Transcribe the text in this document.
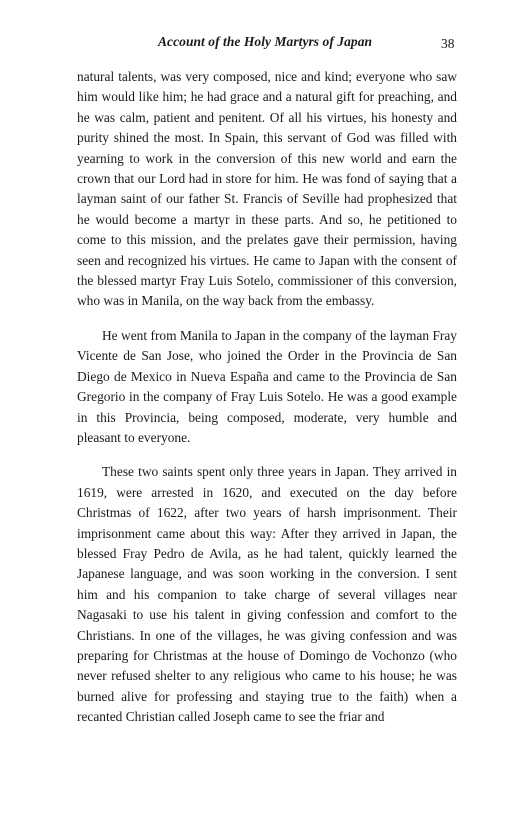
Account of the Holy Martyrs of Japan	38

natural talents, was very composed, nice and kind; everyone who saw him would like him; he had grace and a natural gift for preaching, and he was calm, patient and penitent. Of all his virtues, his honesty and purity shined the most. In Spain, this servant of God was filled with yearning to work in the conversion of this new world and earn the crown that our Lord had in store for him. He was fond of saying that a layman saint of our father St. Francis of Seville had prophesized that he would become a martyr in these parts. And so, he petitioned to come to this mission, and the prelates gave their permission, having seen and recognized his virtues. He came to Japan with the consent of the blessed martyr Fray Luis Sotelo, commissioner of this conversion, who was in Manila, on the way back from the embassy.

He went from Manila to Japan in the company of the layman Fray Vicente de San Jose, who joined the Order in the Provincia de San Diego de Mexico in Nueva España and came to the Provincia de San Gregorio in the company of Fray Luis Sotelo. He was a good example in this Provincia, being composed, moderate, very humble and pleasant to everyone.

These two saints spent only three years in Japan. They arrived in 1619, were arrested in 1620, and executed on the day before Christmas of 1622, after two years of harsh imprisonment. Their imprisonment came about this way: After they arrived in Japan, the blessed Fray Pedro de Avila, as he had talent, quickly learned the Japanese language, and was soon working in the conversion. I sent him and his companion to take charge of several villages near Nagasaki to use his talent in giving confession and comfort to the Christians. In one of the villages, he was giving confession and was preparing for Christmas at the house of Domingo de Vochonzo (who never refused shelter to any religious who came to his house; he was burned alive for professing and staying true to the faith) when a recanted Christian called Joseph came to see the friar and
